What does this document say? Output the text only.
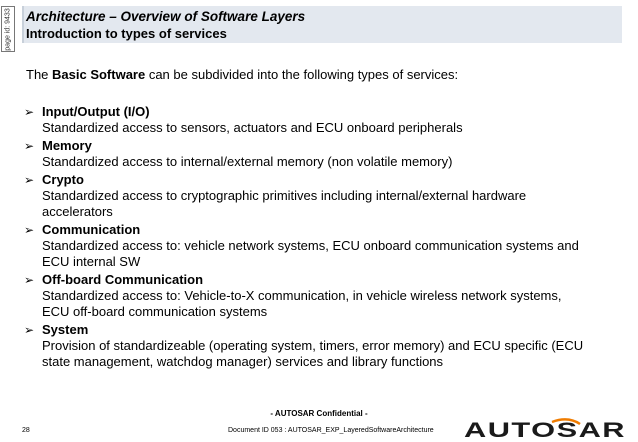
page id: 9433 Architecture – Overview of Software Layers
Introduction to types of services
The Basic Software can be subdivided into the following types of services:
➢ Input/Output (I/O)
Standardized access to sensors, actuators and ECU onboard peripherals
➢ Memory
Standardized access to internal/external memory (non volatile memory)
➢ Crypto
Standardized access to cryptographic primitives including internal/external hardware accelerators
➢ Communication
Standardized access to: vehicle network systems, ECU onboard communication systems and ECU internal SW
➢ Off-board Communication
Standardized access to: Vehicle-to-X communication, in vehicle wireless network systems, ECU off-board communication systems
➢ System
Provision of standardizeable (operating system, timers, error memory) and ECU specific (ECU state management, watchdog manager) services and library functions
- AUTOSAR Confidential -
28	Document ID 053 : AUTOSAR_EXP_LayeredSoftwareArchitecture AUTOSAR
